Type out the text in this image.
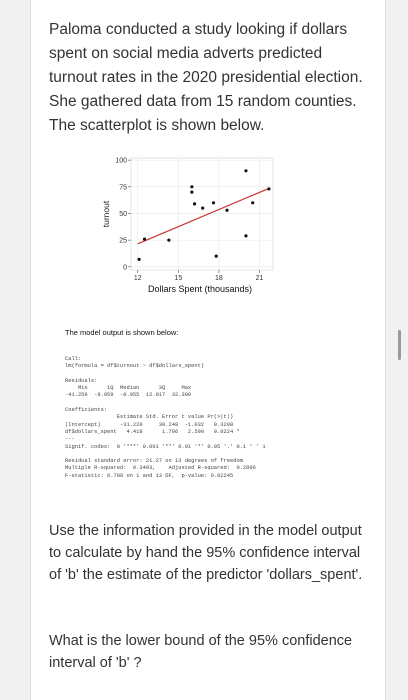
Paloma conducted a study looking if dollars spent on social media adverts predicted turnout rates in the 2020 presidential election. She gathered data from 15 random counties. The scatterplot is shown below.

0
25
50
75
100
12	15	18	21
turnout
Dollars Spent (thousands)
The model output is shown below:
Call:
lm(formula = df$turnout ~ df$dollars_spent)

Residuals:
Min      1Q  Median      3Q     Max
-41.259  -9.959  -0.955  12.017  32.300

Coefficients:
Estimate Std. Error t value Pr(>|t|)
(Intercept)      -31.220     30.248  -1.032   0.3208
df$dollars_spent   4.418      1.706   2.590   0.0224 *
---
Signif. codes:  0 '***' 0.001 '**' 0.01 '*' 0.05 '.' 0.1 ' ' 1

Residual standard error: 21.27 on 13 degrees of freedom
Multiple R-squared:  0.3403,    Adjusted R-squared:  0.2896
F-statistic: 6.708 on 1 and 13 DF,  p-value: 0.02245

Use the information provided in the model output to calculate by hand the 95% confidence interval of 'b' the estimate of the predictor 'dollars_spent'.

What is the lower bound of the 95% confidence interval of 'b' ?
